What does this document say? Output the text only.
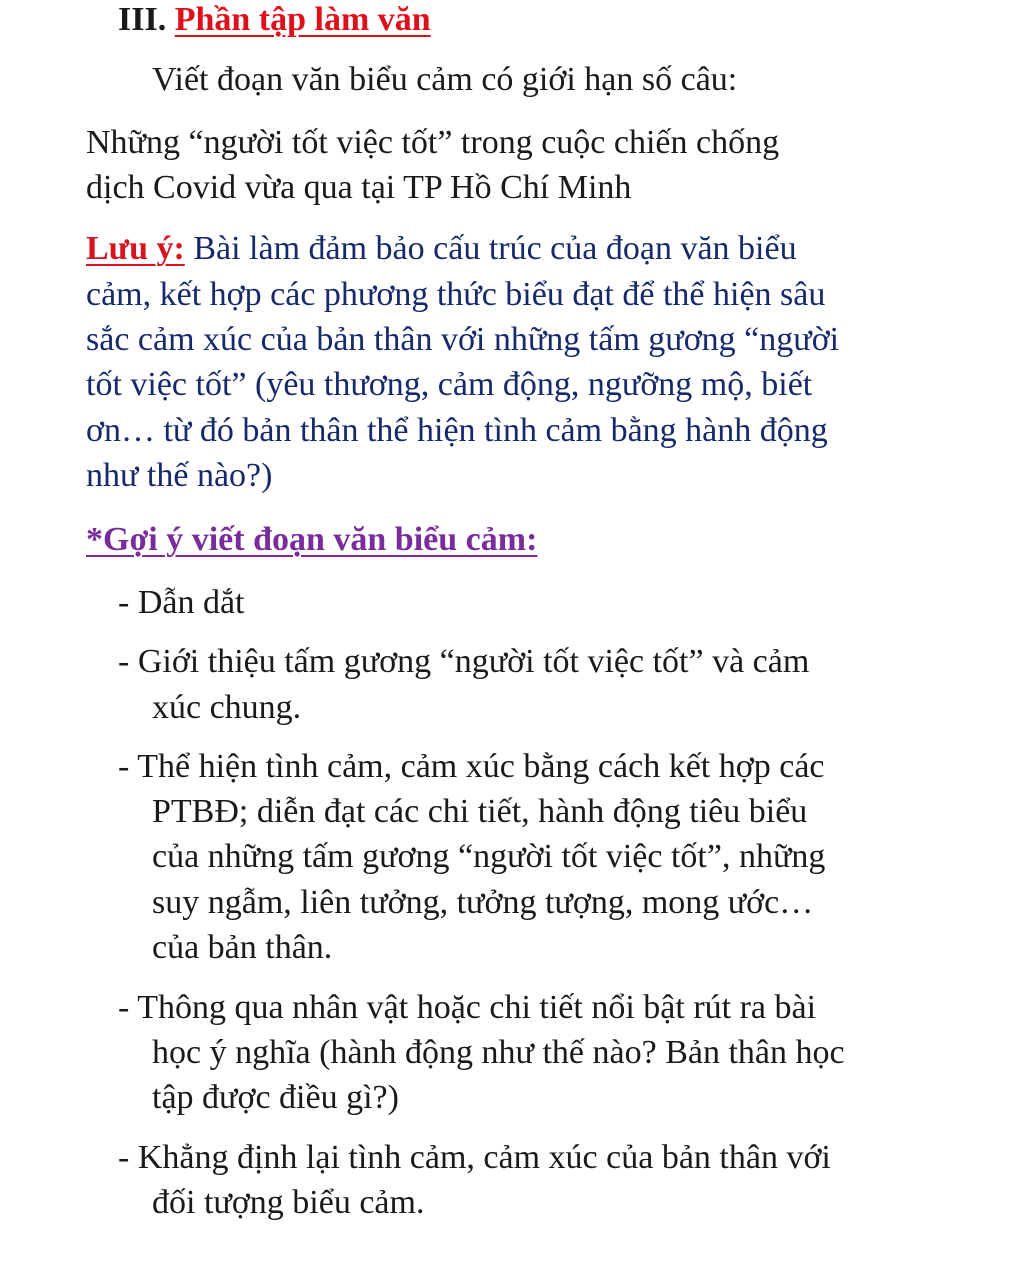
III. Phần tập làm văn

Viết đoạn văn biểu cảm có giới hạn số câu:

Những “người tốt việc tốt” trong cuộc chiến chống

dịch Covid vừa qua tại TP Hồ Chí Minh

Lưu ý: Bài làm đảm bảo cấu trúc của đoạn văn biểu

cảm, kết hợp các phương thức biểu đạt để thể hiện sâu

sắc cảm xúc của bản thân với những tấm gương “người

tốt việc tốt” (yêu thương, cảm động, ngưỡng mộ, biết

ơn… từ đó bản thân thể hiện tình cảm bằng hành động

như thế nào?)

*Gợi ý viết đoạn văn biểu cảm:

- Dẫn dắt

- Giới thiệu tấm gương “người tốt việc tốt” và cảm

xúc chung.

- Thể hiện tình cảm, cảm xúc bằng cách kết hợp các

PTBĐ; diễn đạt các chi tiết, hành động tiêu biểu

của những tấm gương “người tốt việc tốt”, những

suy ngẫm, liên tưởng, tưởng tượng, mong ước…

của bản thân.

- Thông qua nhân vật hoặc chi tiết nổi bật rút ra bài

học ý nghĩa (hành động như thế nào? Bản thân học

tập được điều gì?)

- Khẳng định lại tình cảm, cảm xúc của bản thân với

đối tượng biểu cảm.
